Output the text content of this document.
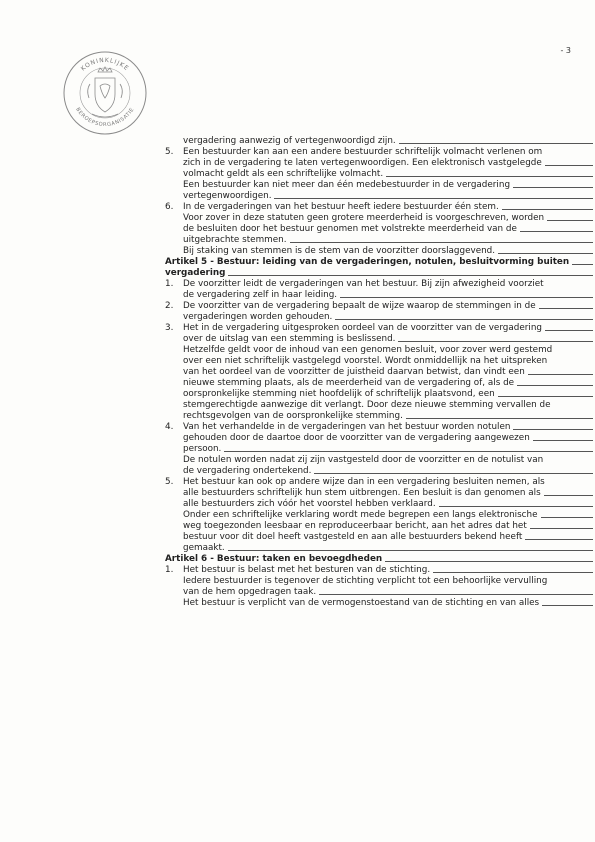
- 3
KONINKLIJKE
BEROEPSORGANISATIE
vergadering aanwezig of vertegenwoordigd zijn.
5. Een bestuurder kan aan een andere bestuurder schriftelijk volmacht verlenen om
zich in de vergadering te laten vertegenwoordigen. Een elektronisch vastgelegde
volmacht geldt als een schriftelijke volmacht.
Een bestuurder kan niet meer dan één medebestuurder in de vergadering
vertegenwoordigen.
6. In de vergaderingen van het bestuur heeft iedere bestuurder één stem.
Voor zover in deze statuten geen grotere meerderheid is voorgeschreven, worden
de besluiten door het bestuur genomen met volstrekte meerderheid van de
uitgebrachte stemmen.
Bij staking van stemmen is de stem van de voorzitter doorslaggevend.
Artikel 5 - Bestuur: leiding van de vergaderingen, notulen, besluitvorming buiten
vergadering
1. De voorzitter leidt de vergaderingen van het bestuur. Bij zijn afwezigheid voorziet
de vergadering zelf in haar leiding.
2. De voorzitter van de vergadering bepaalt de wijze waarop de stemmingen in de
vergaderingen worden gehouden.
3. Het in de vergadering uitgesproken oordeel van de voorzitter van de vergadering
over de uitslag van een stemming is beslissend.
Hetzelfde geldt voor de inhoud van een genomen besluit, voor zover werd gestemd
over een niet schriftelijk vastgelegd voorstel. Wordt onmiddellijk na het uitspreken
van het oordeel van de voorzitter de juistheid daarvan betwist, dan vindt een
nieuwe stemming plaats, als de meerderheid van de vergadering of, als de
oorspronkelijke stemming niet hoofdelijk of schriftelijk plaatsvond, een
stemgerechtigde aanwezige dit verlangt. Door deze nieuwe stemming vervallen de
rechtsgevolgen van de oorspronkelijke stemming.
4. Van het verhandelde in de vergaderingen van het bestuur worden notulen
gehouden door de daartoe door de voorzitter van de vergadering aangewezen
persoon.
De notulen worden nadat zij zijn vastgesteld door de voorzitter en de notulist van
de vergadering ondertekend.
5. Het bestuur kan ook op andere wijze dan in een vergadering besluiten nemen, als
alle bestuurders schriftelijk hun stem uitbrengen. Een besluit is dan genomen als
alle bestuurders zich vóór het voorstel hebben verklaard.
Onder een schriftelijke verklaring wordt mede begrepen een langs elektronische
weg toegezonden leesbaar en reproduceerbaar bericht, aan het adres dat het
bestuur voor dit doel heeft vastgesteld en aan alle bestuurders bekend heeft
gemaakt.
Artikel 6 - Bestuur: taken en bevoegdheden
1. Het bestuur is belast met het besturen van de stichting.
Iedere bestuurder is tegenover de stichting verplicht tot een behoorlijke vervulling
van de hem opgedragen taak.
Het bestuur is verplicht van de vermogenstoestand van de stichting en van alles
